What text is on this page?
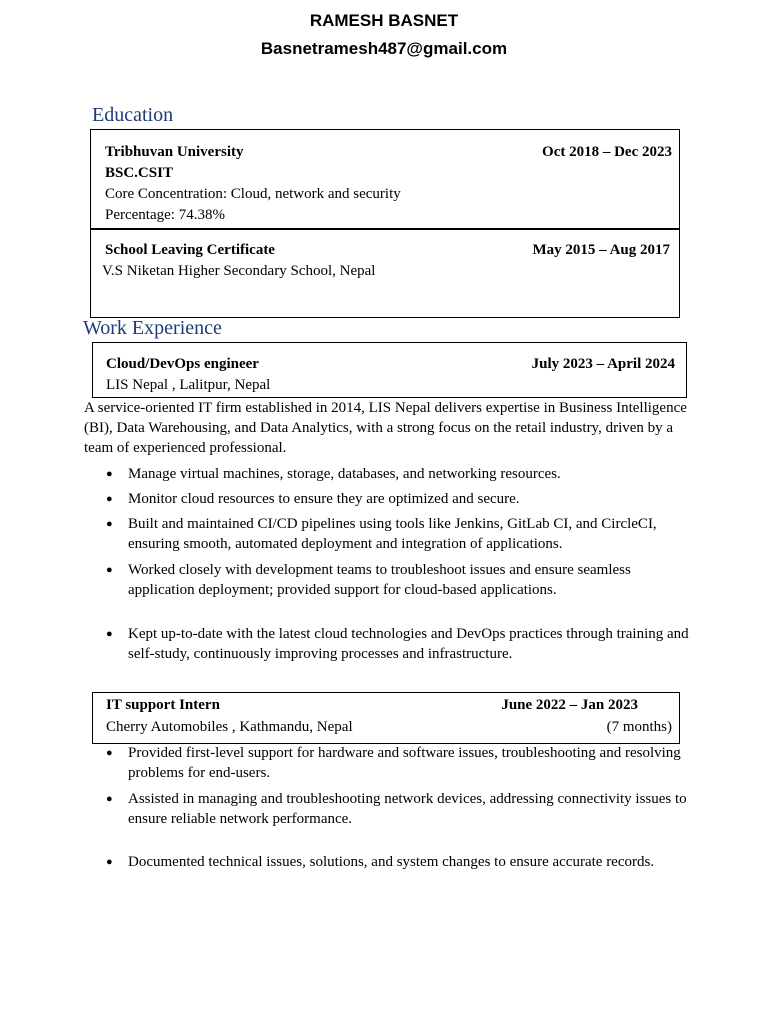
RAMESH BASNET
Basnetramesh487@gmail.com
Education
Tribhuvan University	Oct 2018 – Dec 2023
BSC.CSIT
Core Concentration: Cloud, network and security
Percentage: 74.38%
School Leaving Certificate	May 2015 – Aug 2017
V.S Niketan Higher Secondary School, Nepal
Work Experience
Cloud/DevOps engineer	July 2023 – April 2024
LIS Nepal , Lalitpur, Nepal
A service-oriented IT firm established in 2014, LIS Nepal delivers expertise in Business Intelligence (BI), Data Warehousing, and Data Analytics, with a strong focus on the retail industry, driven by a team of experienced professional.
● Manage virtual machines, storage, databases, and networking resources.
● Monitor cloud resources to ensure they are optimized and secure.
● Built and maintained CI/CD pipelines using tools like Jenkins, GitLab CI, and CircleCI, ensuring smooth, automated deployment and integration of applications.
● Worked closely with development teams to troubleshoot issues and ensure seamless application deployment; provided support for cloud-based applications.
● Kept up-to-date with the latest cloud technologies and DevOps practices through training and self-study, continuously improving processes and infrastructure.
IT support Intern	June 2022 – Jan 2023
Cherry Automobiles , Kathmandu, Nepal	(7 months)
● Provided first-level support for hardware and software issues, troubleshooting and resolving problems for end-users.
● Assisted in managing and troubleshooting network devices, addressing connectivity issues to ensure reliable network performance.
● Documented technical issues, solutions, and system changes to ensure accurate records.
